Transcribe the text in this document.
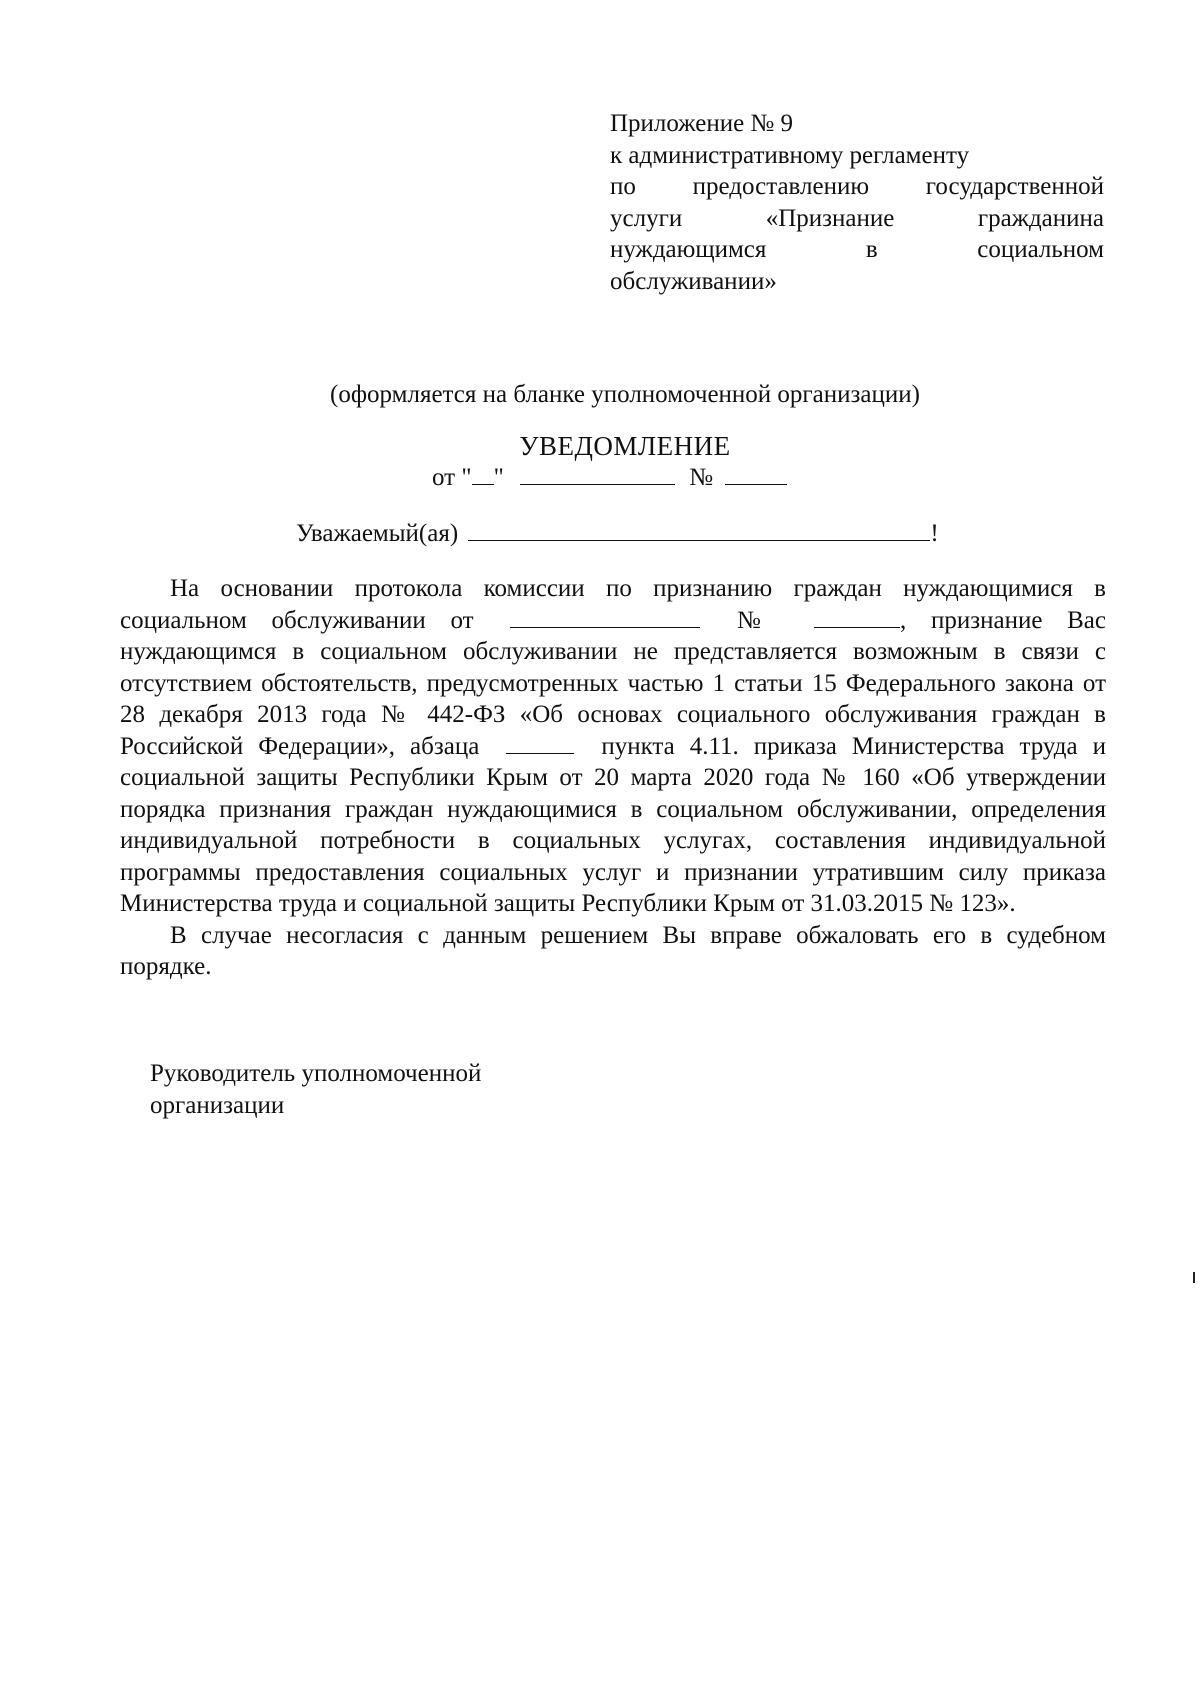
Приложение № 9
к административному регламенту
по предоставлению государственной
услуги	«Признание	гражданина
нуждающимся	в	социальном
обслуживании»
(оформляется на бланке уполномоченной организации)
УВЕДОМЛЕНИЕ
от " "	№
Уважаемый(ая)	!

На основании протокола комиссии по признанию граждан нуждающимися в социальном обслуживании от	№	, признание Вас нуждающимся в социальном обслуживании не представляется возможным в связи с отсутствием обстоятельств, предусмотренных частью 1 статьи 15 Федерального закона от 28 декабря 2013 года № 442-ФЗ «Об основах социального обслуживания граждан в Российской Федерации», абзаца	пункта 4.11. приказа Министерства труда и социальной защиты Республики Крым от 20 марта 2020 года № 160 «Об утверждении порядка признания граждан нуждающимися в социальном обслуживании, определения индивидуальной потребности в социальных услугах, составления индивидуальной программы предоставления социальных услуг и признании утратившим силу приказа Министерства труда и социальной защиты Республики Крым от 31.03.2015 № 123».

В случае несогласия с данным решением Вы вправе обжаловать его в судебном порядке.

Руководитель уполномоченной
организации
